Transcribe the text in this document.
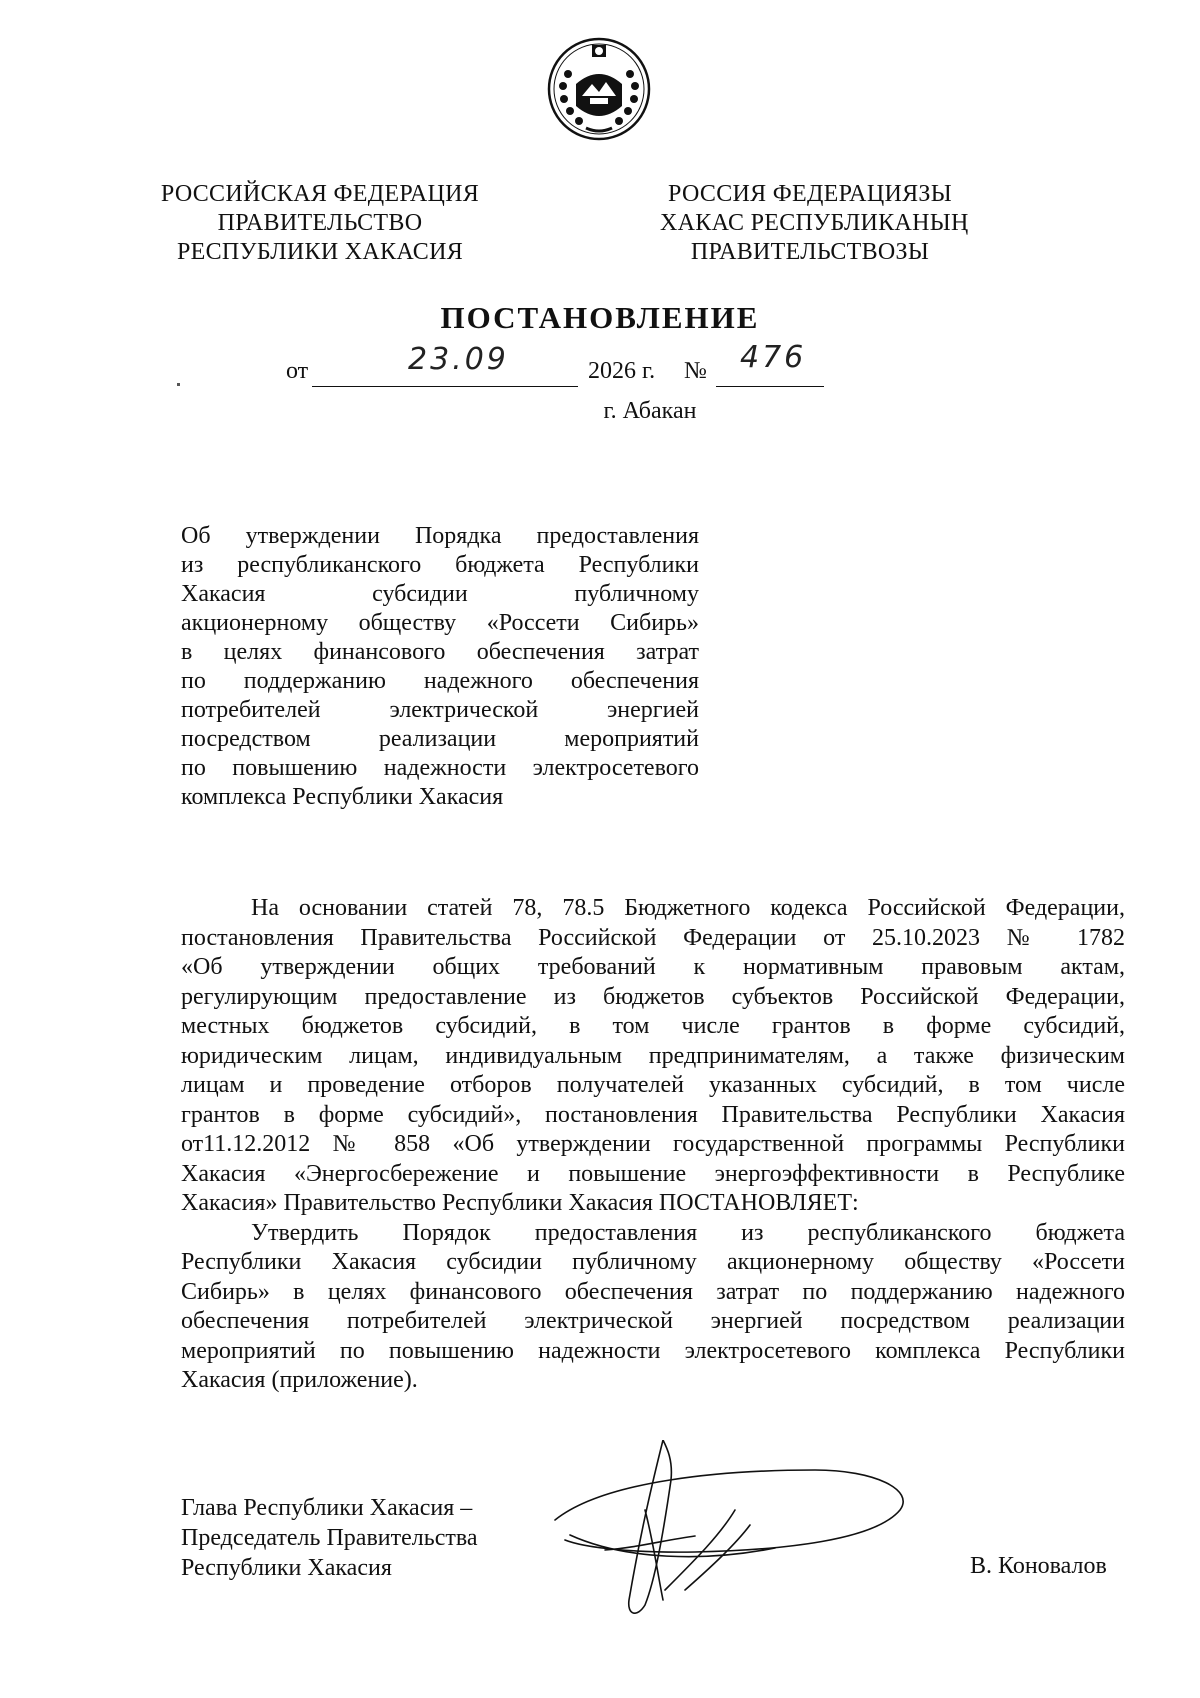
РОССИЙСКАЯ ФЕДЕРАЦИЯ
ПРАВИТЕЛЬСТВО
РЕСПУБЛИКИ ХАКАСИЯ
РОССИЯ ФЕДЕРАЦИЯЗЫ
ХАКАС РЕСПУБЛИКАНЫҢ
ПРАВИТЕЛЬСТВОЗЫ
ПОСТАНОВЛЕНИЕ
от	23.09	2026 г. № 476
г. Абакан
Об утверждении Порядка предоставления
из республиканского бюджета Республики
Хакасия субсидии публичному
акционерному обществу «Россети Сибирь»
в целях финансового обеспечения затрат
по поддержанию надежного обеспечения
потребителей электрической энергией
посредством реализации мероприятий
по повышению надежности электросетевого
комплекса Республики Хакасия
На основании статей 78, 78.5 Бюджетного кодекса Российской Федерации,
постановления Правительства Российской Федерации от 25.10.2023 № 1782
«Об утверждении общих требований к нормативным правовым актам,
регулирующим предоставление из бюджетов субъектов Российской Федерации,
местных бюджетов субсидий, в том числе грантов в форме субсидий,
юридическим лицам, индивидуальным предпринимателям, а также физическим
лицам и проведение отборов получателей указанных субсидий, в том числе
грантов в форме субсидий», постановления Правительства Республики Хакасия
от11.12.2012 № 858 «Об утверждении государственной программы Республики
Хакасия «Энергосбережение и повышение энергоэффективности в Республике
Хакасия» Правительство Республики Хакасия ПОСТАНОВЛЯЕТ:
Утвердить Порядок предоставления из республиканского бюджета
Республики Хакасия субсидии публичному акционерному обществу «Россети
Сибирь» в целях финансового обеспечения затрат по поддержанию надежного
обеспечения потребителей электрической энергией посредством реализации
мероприятий по повышению надежности электросетевого комплекса Республики
Хакасия (приложение).
Глава Республики Хакасия –
Председатель Правительства
Республики Хакасия	В. Коновалов
